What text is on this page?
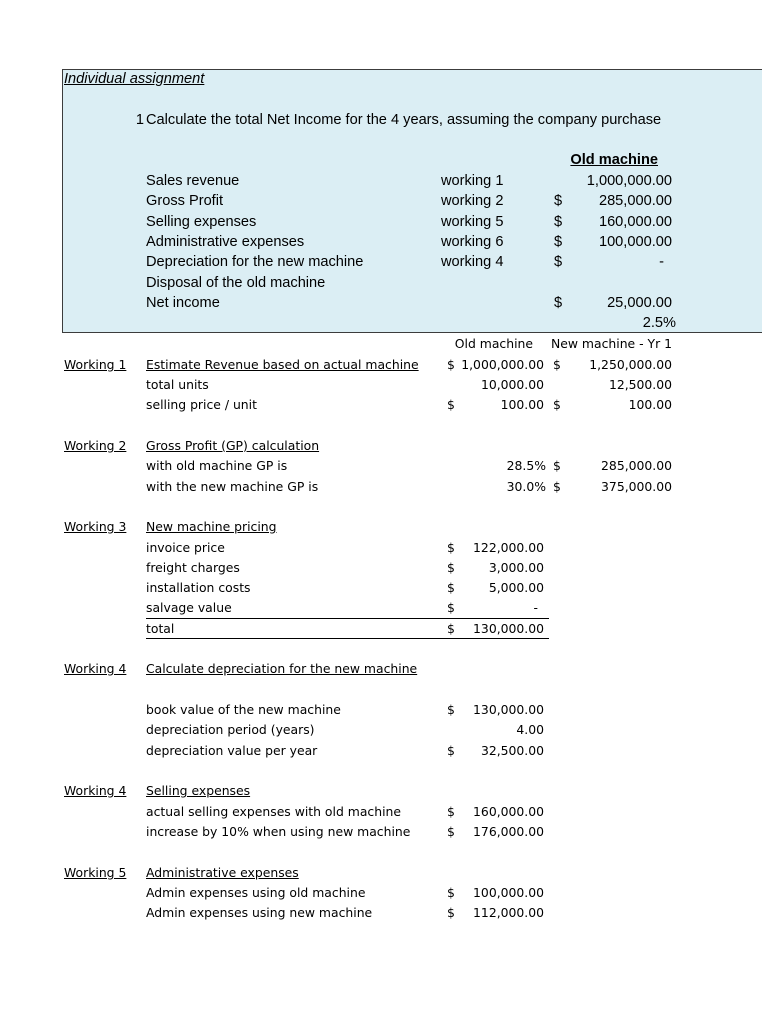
Individual assignment
1 Calculate the total Net Income for the 4 years, assuming the company purchase
Old machine
Sales revenue	working 1	1,000,000.00
Gross Profit	working 2	$	285,000.00
Selling expenses	working 5	$	160,000.00
Administrative expenses	working 6	$	100,000.00
Depreciation for the new machine	working 4	$	-
Disposal of the old machine
Net income	$	25,000.00
2.5%
Old machine	New machine - Yr 1
Working 1 Estimate Revenue based on actual machine $ 1,000,000.00 $	1,250,000.00
total units	10,000.00	12,500.00
selling price / unit	$	100.00 $	100.00
Working 2 Gross Profit (GP) calculation
with old machine GP is	28.5% $	285,000.00
with the new machine GP is	30.0% $	375,000.00
Working 3 New machine pricing
invoice price	$	122,000.00
freight charges	$	3,000.00
installation costs	$	5,000.00
salvage value	$	-
total	$	130,000.00
Working 4 Calculate depreciation for the new machine
book value of the new machine	$	130,000.00
depreciation period (years)	4.00
depreciation value per year	$	32,500.00
Working 4 Selling expenses
actual selling expenses with old machine	$	160,000.00
increase by 10% when using new machine	$	176,000.00
Working 5 Administrative expenses
Admin expenses using old machine	$	100,000.00
Admin expenses using new machine	$	112,000.00
